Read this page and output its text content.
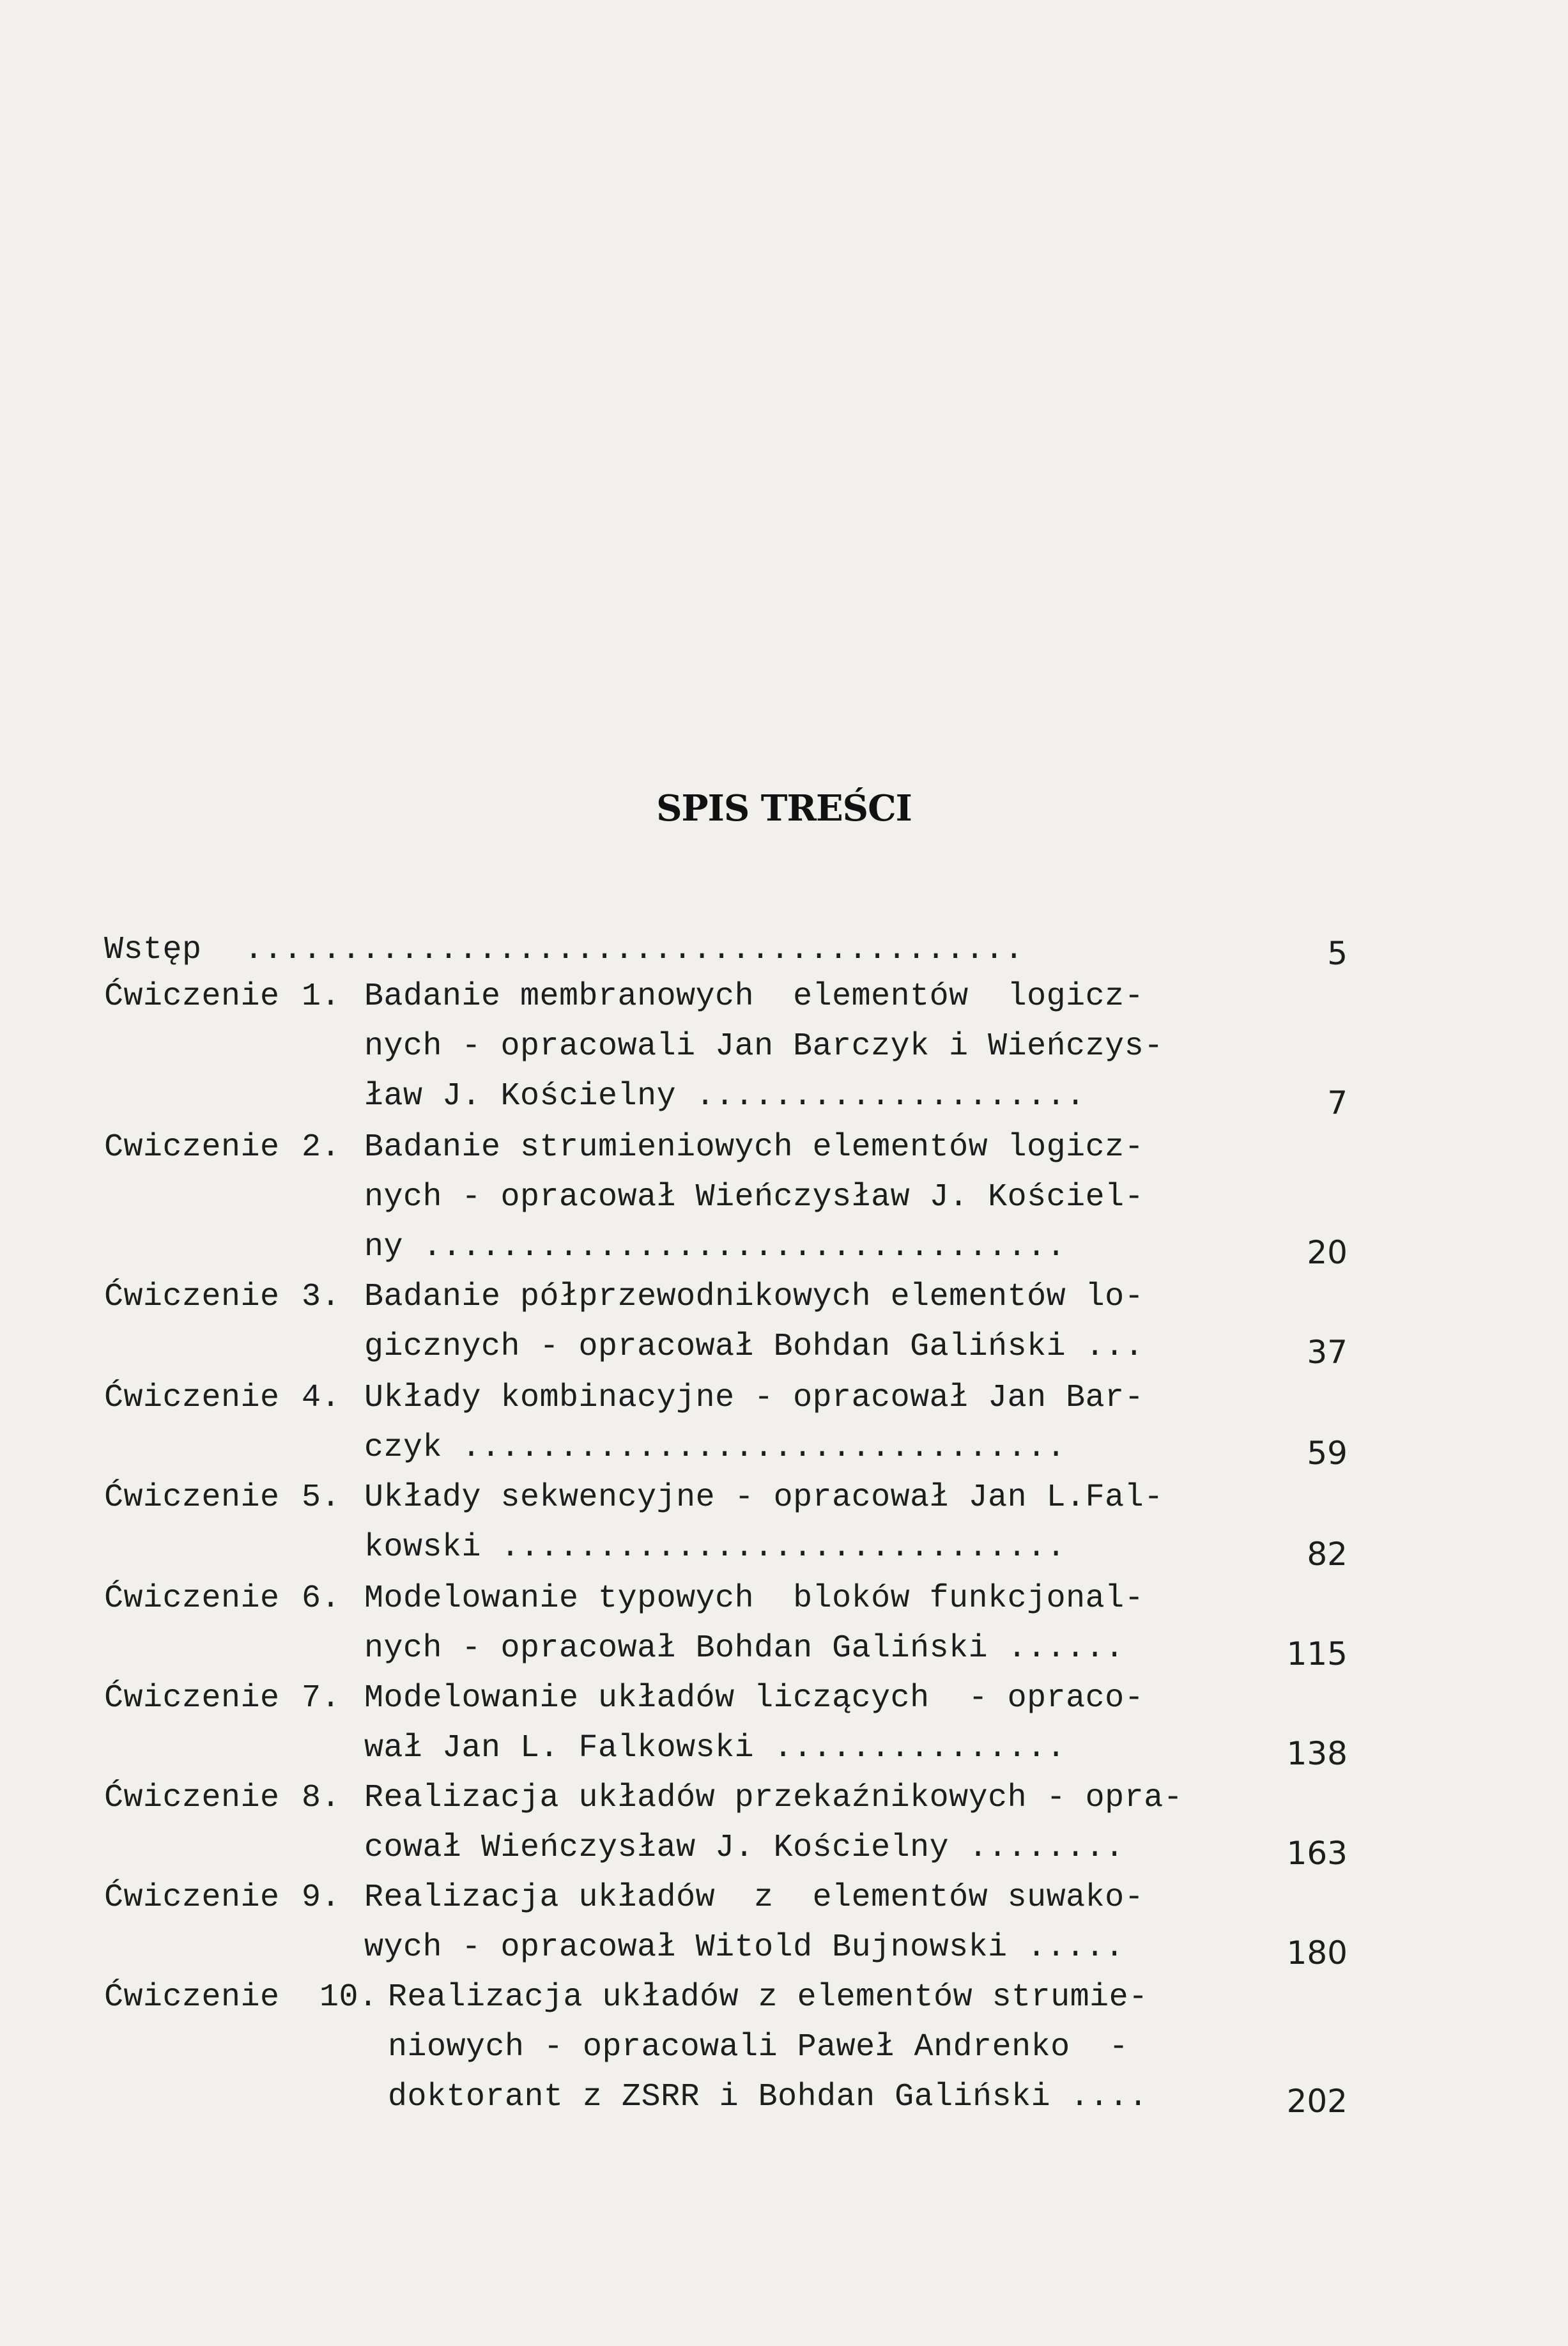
SPIS TREŚCI
Wstęp ........................................	5
Ćwiczenie 1. Badanie membranowych  elementów  logicz-
nych - opracowali Jan Barczyk i Wieńczys-
ław J. Kościelny ....................	7
Cwiczenie 2. Badanie strumieniowych elementów logicz-
nych - opracował Wieńczysław J. Kościel-
ny .................................	20
Ćwiczenie 3. Badanie półprzewodnikowych elementów lo-
gicznych - opracował Bohdan Galiński ...	37
Ćwiczenie 4. Układy kombinacyjne - opracował Jan Bar-
czyk ...............................	59
Ćwiczenie 5. Układy sekwencyjne - opracował Jan L.Fal-
kowski .............................	82
Ćwiczenie 6. Modelowanie typowych  bloków funkcjonal-
nych - opracował Bohdan Galiński ......	115
Ćwiczenie 7. Modelowanie układów liczących  - opraco-
wał Jan L. Falkowski ...............	138
Ćwiczenie 8. Realizacja układów przekaźnikowych - opra-
cował Wieńczysław J. Kościelny ........	163
Ćwiczenie 9. Realizacja układów  z  elementów suwako-
wych - opracował Witold Bujnowski .....	180
Ćwiczenie 10. Realizacja układów z elementów strumie-
niowych - opracowali Paweł Andrenko  -
doktorant z ZSRR i Bohdan Galiński ....	202
